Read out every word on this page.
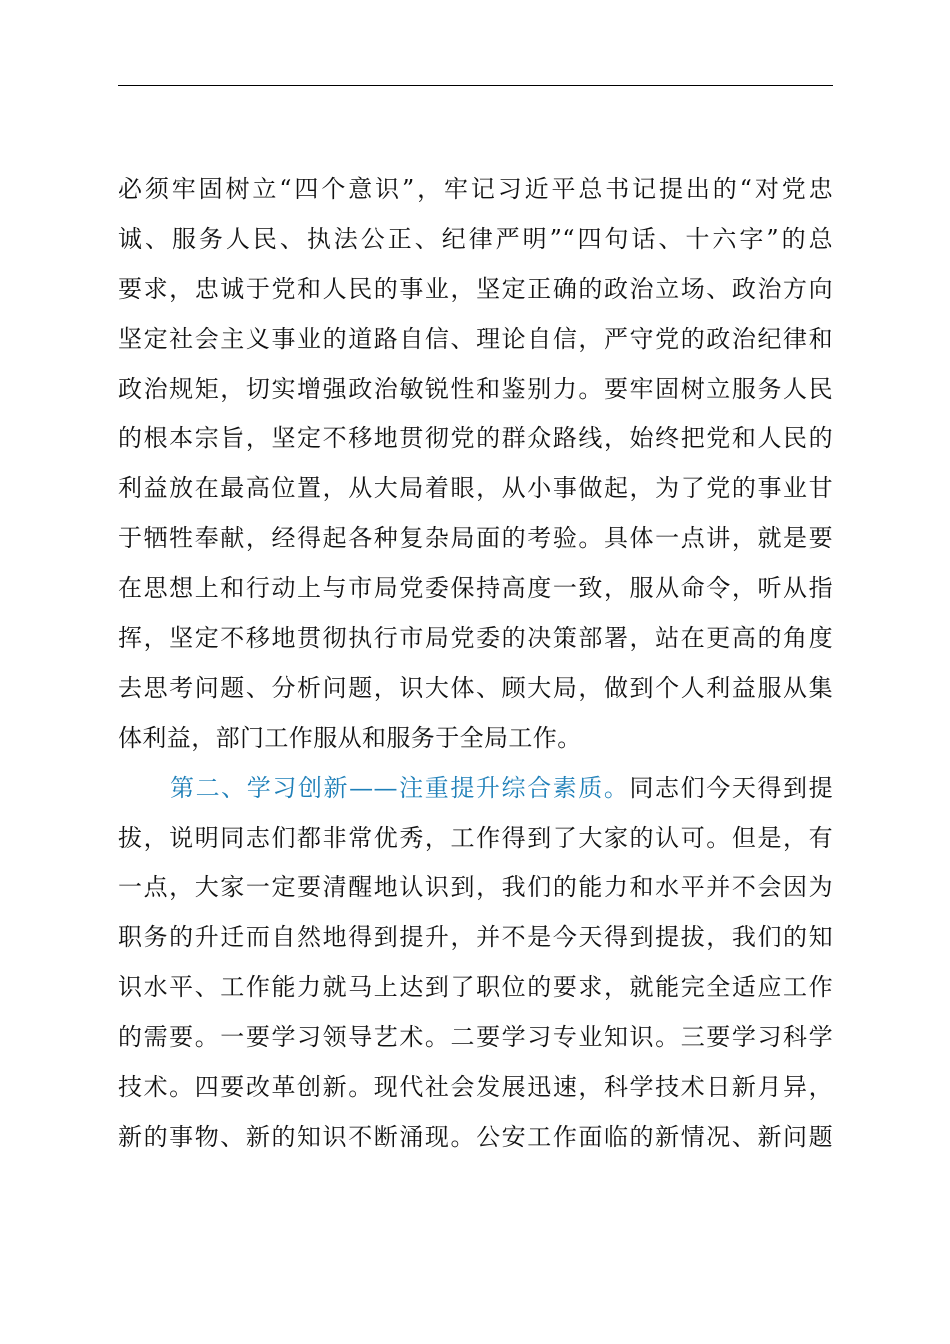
必须牢固树立“四个意识”，牢记习近平总书记提出的“对党忠
诚、服务人民、执法公正、纪律严明”“四句话、十六字”的总
要求，忠诚于党和人民的事业，坚定正确的政治立场、政治方向
坚定社会主义事业的道路自信、理论自信，严守党的政治纪律和
政治规矩，切实增强政治敏锐性和鉴别力。要牢固树立服务人民
的根本宗旨，坚定不移地贯彻党的群众路线，始终把党和人民的
利益放在最高位置，从大局着眼，从小事做起，为了党的事业甘
于牺牲奉献，经得起各种复杂局面的考验。具体一点讲，就是要
在思想上和行动上与市局党委保持高度一致，服从命令，听从指
挥，坚定不移地贯彻执行市局党委的决策部署，站在更高的角度
去思考问题、分析问题，识大体、顾大局，做到个人利益服从集
体利益，部门工作服从和服务于全局工作。
第二、学习创新——注重提升综合素质。同志们今天得到提
拔，说明同志们都非常优秀，工作得到了大家的认可。但是，有
一点，大家一定要清醒地认识到，我们的能力和水平并不会因为
职务的升迁而自然地得到提升，并不是今天得到提拔，我们的知
识水平、工作能力就马上达到了职位的要求，就能完全适应工作
的需要。一要学习领导艺术。二要学习专业知识。三要学习科学
技术。四要改革创新。现代社会发展迅速，科学技术日新月异，
新的事物、新的知识不断涌现。公安工作面临的新情况、新问题
